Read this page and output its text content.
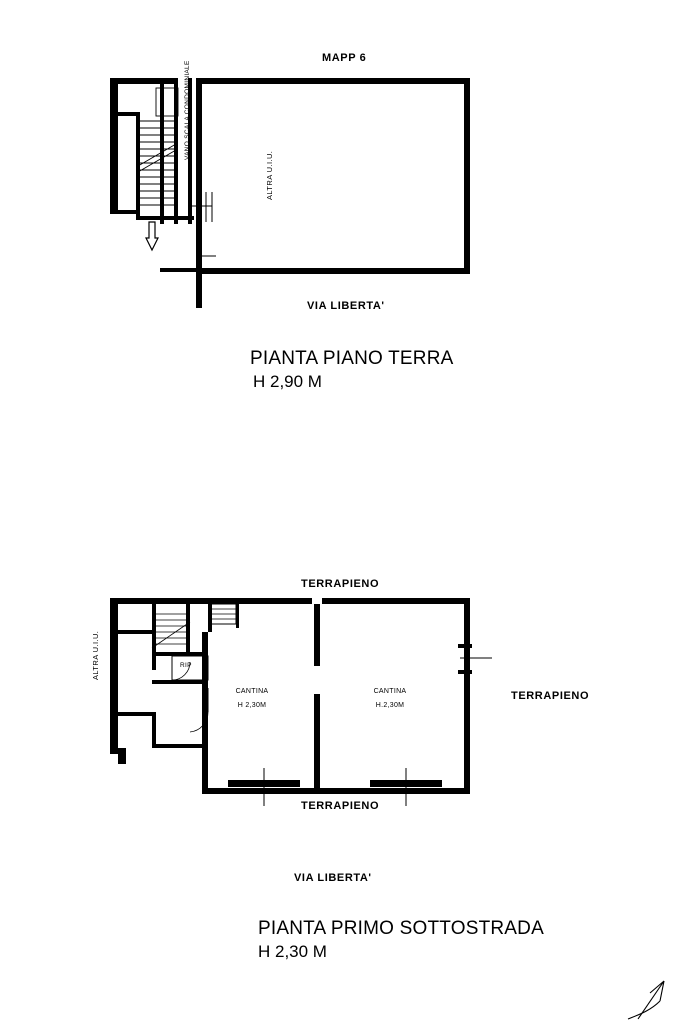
MAPP 6
ALTRA U.I.U.	VANO SCALA CONDOMINIALE
ALTRA U.I.U.
VIA LIBERTA'
PIANTA PIANO TERRA
H 2,90 M
TERRAPIENO
ALTRA U.I.U.	RIP
CANTINA
H 2,30M
CANTINA
H.2,30M
TERRAPIENO
TERRAPIENO
VIA LIBERTA'
PIANTA PRIMO SOTTOSTRADA
H 2,30 M
